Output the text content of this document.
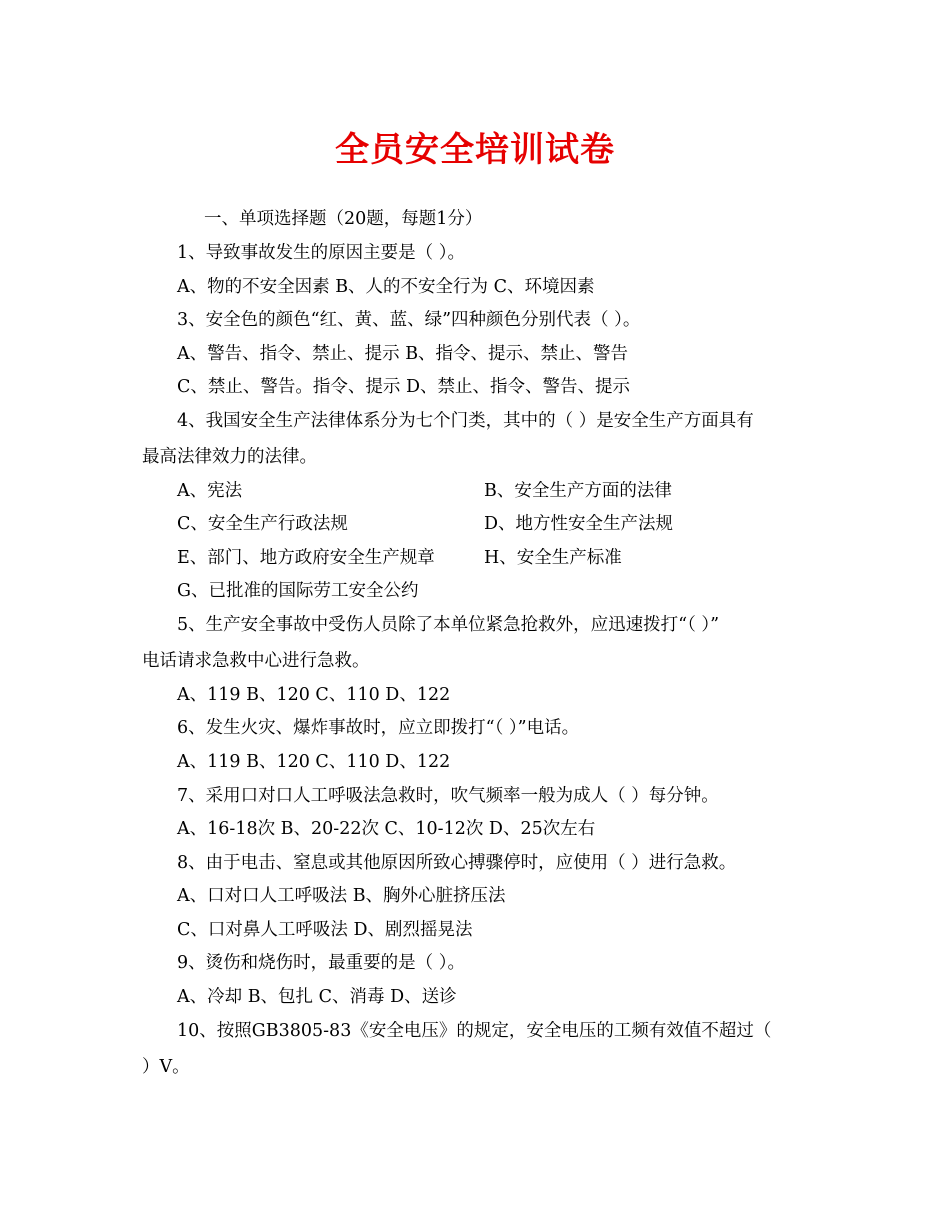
全员安全培训试卷
一、单项选择题（20题，每题1分）
1、导致事故发生的原因主要是（ ）。
A、物的不安全因素 B、人的不安全行为 C、环境因素
3、安全色的颜色“红、黄、蓝、绿”四种颜色分别代表（ ）。
A、警告、指令、禁止、提示 B、指令、提示、禁止、警告
C、禁止、警告。指令、提示 D、禁止、指令、警告、提示
4、我国安全生产法律体系分为七个门类，其中的（ ）是安全生产方面具有
最高法律效力的法律。
A、宪法	B、安全生产方面的法律
C、安全生产行政法规	D、地方性安全生产法规
E、部门、地方政府安全生产规章	H、安全生产标准
G、已批准的国际劳工安全公约
5、生产安全事故中受伤人员除了本单位紧急抢救外，应迅速拨打“（ ）”
电话请求急救中心进行急救。
A、119 B、120 C、110 D、122
6、发生火灾、爆炸事故时，应立即拨打“（ ）”电话。
A、119 B、120 C、110 D、122
7、采用口对口人工呼吸法急救时，吹气频率一般为成人（ ）每分钟。
A、16-18次 B、20-22次 C、10-12次 D、25次左右
8、由于电击、窒息或其他原因所致心搏骤停时，应使用（ ）进行急救。
A、口对口人工呼吸法 B、胸外心脏挤压法
C、口对鼻人工呼吸法 D、剧烈摇晃法
9、烫伤和烧伤时，最重要的是（ ）。
A、冷却 B、包扎 C、消毒 D、送诊
10、按照GB3805-83《安全电压》的规定，安全电压的工频有效值不超过（
）V。
